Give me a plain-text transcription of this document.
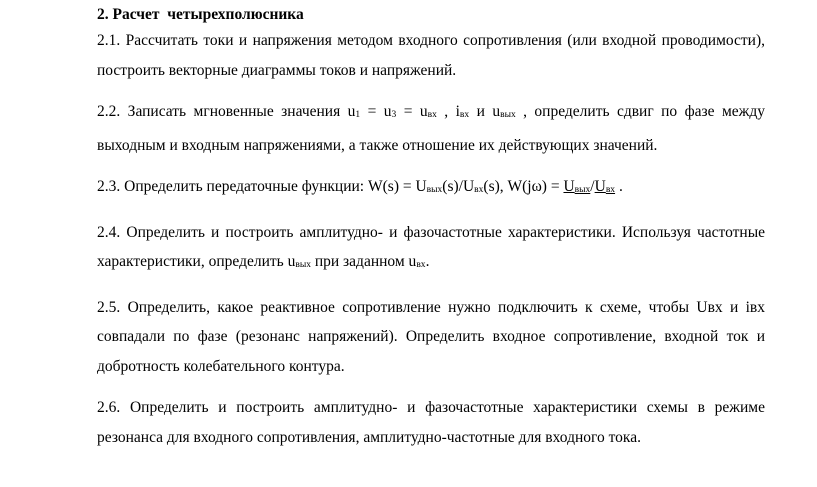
2. Расчет  четырехполюсника

2.1. Рассчитать токи и напряжения методом входного сопротивления (или входной проводимости), построить векторные диаграммы токов и напряжений.

2.2. Записать мгновенные значения u1 = u3 = uвх , iвх и uвых , определить сдвиг по фазе между выходным и входным напряжениями, а также отношение их действующих значений.

2.3. Определить передаточные функции: W(s) = Uвых(s)/Uвх(s), W(jω) = Uвых/Uвх .

2.4. Определить и построить амплитудно- и фазочастотные характеристики. Используя частотные характеристики, определить uвых при заданном uвх.

2.5. Определить, какое реактивное сопротивление нужно подключить к схеме, чтобы Uвх и iвх совпадали по фазе (резонанс напряжений). Определить входное сопротивление, входной ток и добротность колебательного контура.

2.6. Определить и построить амплитудно- и фазочастотные характеристики схемы в режиме резонанса для входного сопротивления, амплитудно-частотные для входного тока.
